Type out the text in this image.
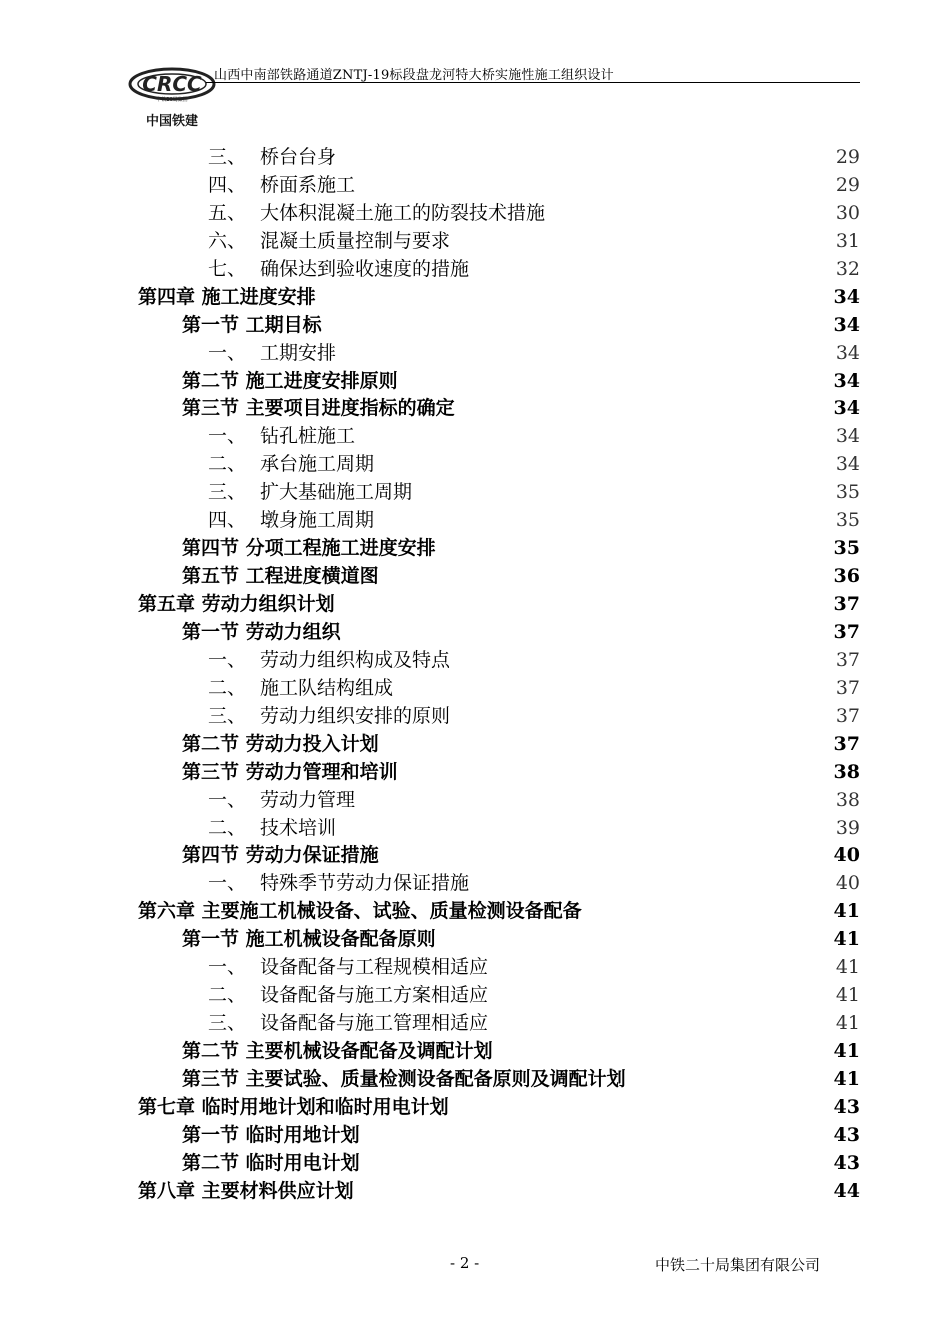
CRCC
中铁20局集团
中国铁建
山西中南部铁路通道ZNTJ-19标段盘龙河特大桥实施性施工组织设计
三、 桥台台身	29
四、 桥面系施工	29
五、 大体积混凝土施工的防裂技术措施	30
六、 混凝土质量控制与要求	31
七、 确保达到验收速度的措施	32
第四章 施工进度安排	34
第一节 工期目标	34
一、 工期安排	34
第二节 施工进度安排原则	34
第三节 主要项目进度指标的确定	34
一、 钻孔桩施工	34
二、 承台施工周期	34
三、 扩大基础施工周期	35
四、 墩身施工周期	35
第四节 分项工程施工进度安排	35
第五节 工程进度横道图	36
第五章 劳动力组织计划	37
第一节 劳动力组织	37
一、 劳动力组织构成及特点	37
二、 施工队结构组成	37
三、 劳动力组织安排的原则	37
第二节 劳动力投入计划	37
第三节 劳动力管理和培训	38
一、 劳动力管理	38
二、 技术培训	39
第四节 劳动力保证措施	40
一、 特殊季节劳动力保证措施	40
第六章 主要施工机械设备、试验、质量检测设备配备	41
第一节 施工机械设备配备原则	41
一、 设备配备与工程规模相适应	41
二、 设备配备与施工方案相适应	41
三、 设备配备与施工管理相适应	41
第二节 主要机械设备配备及调配计划	41
第三节 主要试验、质量检测设备配备原则及调配计划	41
第七章 临时用地计划和临时用电计划	43
第一节 临时用地计划	43
第二节 临时用电计划	43
第八章 主要材料供应计划	44
- 2 -	中铁二十局集团有限公司
